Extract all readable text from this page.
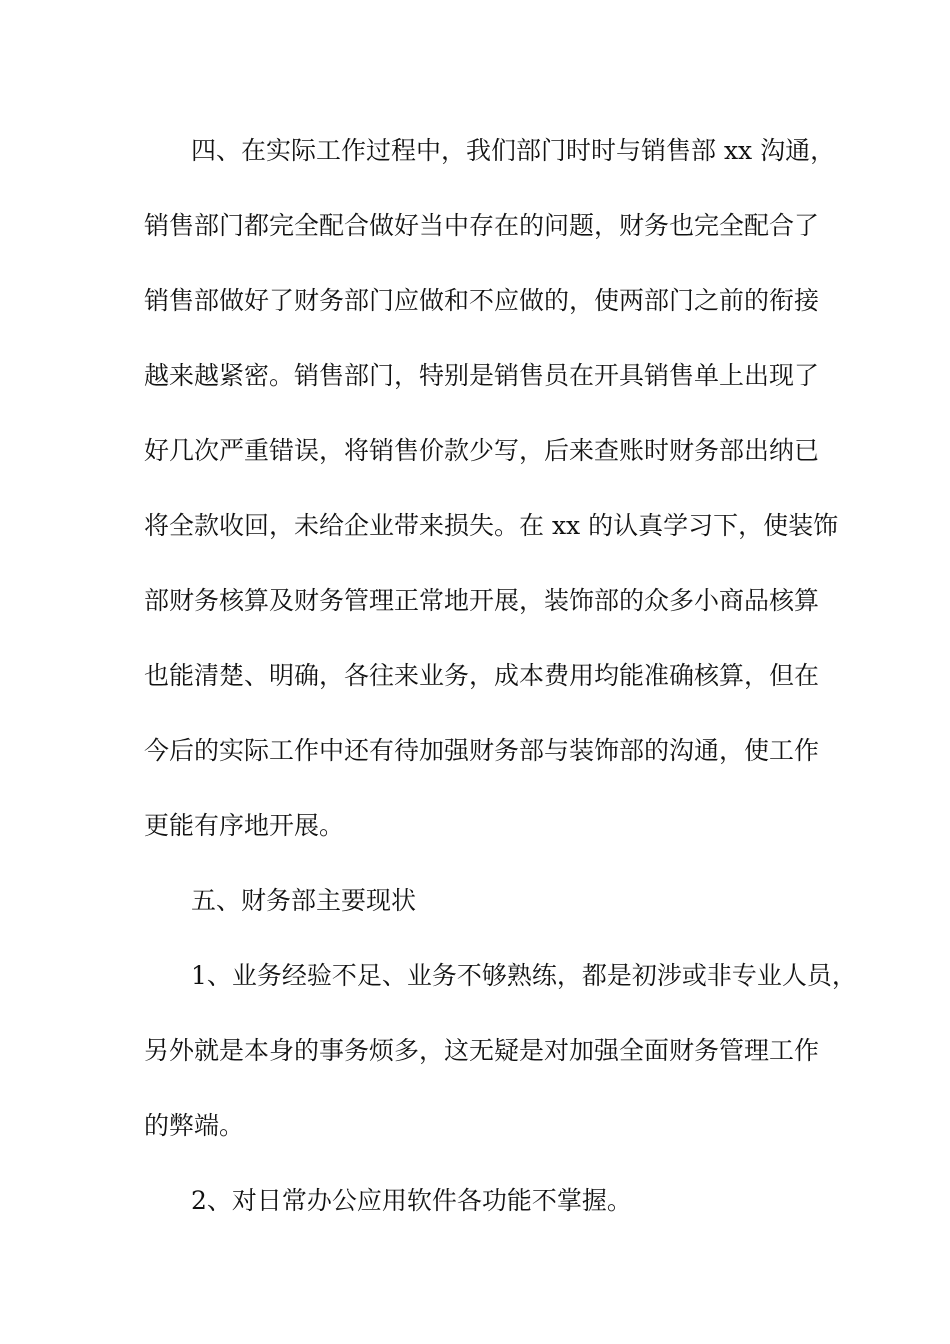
四、在实际工作过程中，我们部门时时与销售部 xx 沟通，

销售部门都完全配合做好当中存在的问题，财务也完全配合了

销售部做好了财务部门应做和不应做的，使两部门之前的衔接

越来越紧密。销售部门，特别是销售员在开具销售单上出现了

好几次严重错误，将销售价款少写，后来查账时财务部出纳已

将全款收回，未给企业带来损失。在 xx 的认真学习下，使装饰

部财务核算及财务管理正常地开展，装饰部的众多小商品核算

也能清楚、明确，各往来业务，成本费用均能准确核算，但在

今后的实际工作中还有待加强财务部与装饰部的沟通，使工作

更能有序地开展。

五、财务部主要现状

1、业务经验不足、业务不够熟练，都是初涉或非专业人员，

另外就是本身的事务烦多，这无疑是对加强全面财务管理工作

的弊端。

2、对日常办公应用软件各功能不掌握。
